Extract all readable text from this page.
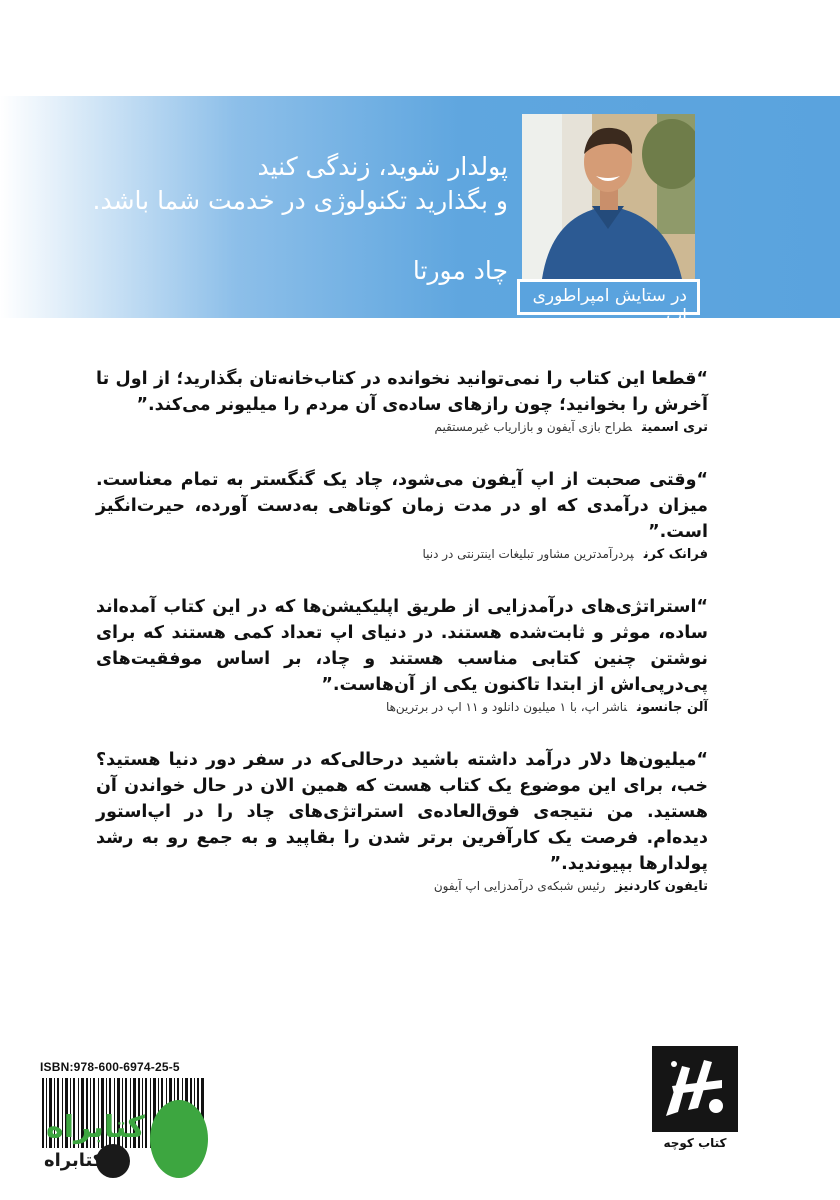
پولدار شوید، زندگی کنید

و بگذارید تکنولوژی در خدمت شما باشد.

چاد مورتا
در ستایش امپراطوری اپ

“قطعا این کتاب را نمی‌توانید نخوانده در کتاب‌خانه‌تان بگذارید؛ از اول تا آخرش را بخوانید؛ چون رازهای ساده‌ی آن مردم را میلیونر می‌کند.”

تری اسمیتطراح بازی آیفون و بازاریاب غیرمستقیم

“وقتی صحبت از اپ آیفون می‌شود، چاد یک گنگستر به تمام معناست. میزان درآمدی که او در مدت زمان کوتاهی به‌دست آورده، حیرت‌انگیز است.”

فرانک کرنپردرآمدترین مشاور تبلیغات اینترنتی در دنیا

“استراتژی‌های درآمدزایی از طریق اپلیکیشن‌ها که در این کتاب آمده‌اند ساده، موثر و ثابت‌شده هستند. در دنیای اپ تعداد کمی هستند که برای نوشتن چنین کتابی مناسب هستند و چاد، بر اساس موفقیت‌های پی‌درپی‌اش از ابتدا تاکنون یکی از آن‌هاست.”

آلن جانسونناشر اپ، با ۱ میلیون دانلود و ۱۱ اپ در برترین‌ها

“میلیون‌ها دلار درآمد داشته باشید درحالی‌که در سفر دور دنیا هستید؟ خب، برای این موضوع یک کتاب هست که همین الان در حال خواندن آن هستید. من نتیجه‌ی فوق‌العاده‌ی استراتژی‌های چاد را در اپ‌استور دیده‌ام. فرصت یک کارآفرین برتر شدن را بقاپید و به جمع رو به رشد پولدارها بپیوندید.”

تایفون کاردنیزرئیس شبکه‌ی درآمدزایی اپ آیفون
ISBN:978-600-6974-25-5
کتابراه
کتابراه
کتاب کوچه
